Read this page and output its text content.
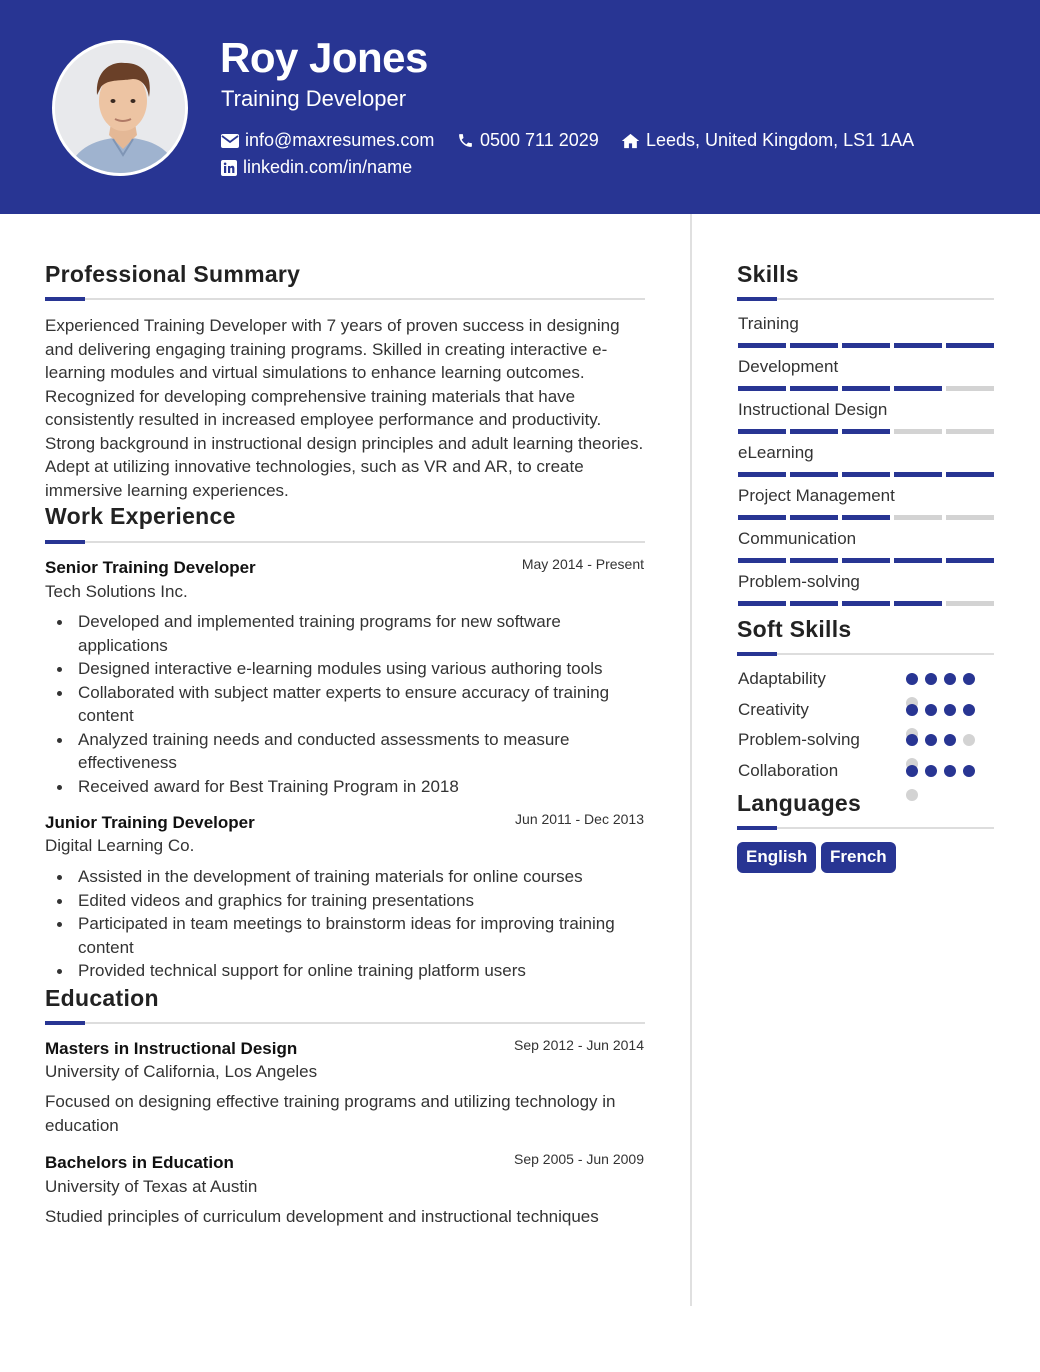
Roy Jones
Training Developer
info@maxresumes.com	0500 711 2029	Leeds, United Kingdom, LS1 1AA
linkedin.com/in/name
Professional Summary
Experienced Training Developer with 7 years of proven success in designing and delivering engaging training programs. Skilled in creating interactive e-learning modules and virtual simulations to enhance learning outcomes. Recognized for developing comprehensive training materials that have consistently resulted in increased employee performance and productivity. Strong background in instructional design principles and adult learning theories. Adept at utilizing innovative technologies, such as VR and AR, to create immersive learning experiences.
Work Experience
Senior Training Developer	May 2014 - Present
Tech Solutions Inc.
Developed and implemented training programs for new software applications
Designed interactive e-learning modules using various authoring tools
Collaborated with subject matter experts to ensure accuracy of training content
Analyzed training needs and conducted assessments to measure effectiveness
Received award for Best Training Program in 2018
Junior Training Developer	Jun 2011 - Dec 2013
Digital Learning Co.
Assisted in the development of training materials for online courses
Edited videos and graphics for training presentations
Participated in team meetings to brainstorm ideas for improving training content
Provided technical support for online training platform users
Education
Masters in Instructional Design	Sep 2012 - Jun 2014
University of California, Los Angeles
Focused on designing effective training programs and utilizing technology in education
Bachelors in Education	Sep 2005 - Jun 2009
University of Texas at Austin
Studied principles of curriculum development and instructional techniques
Skills
Training
Development
Instructional Design
eLearning
Project Management
Communication
Problem-solving
Soft Skills
Adaptability
Creativity
Problem-solving
Collaboration
Languages
English	French
